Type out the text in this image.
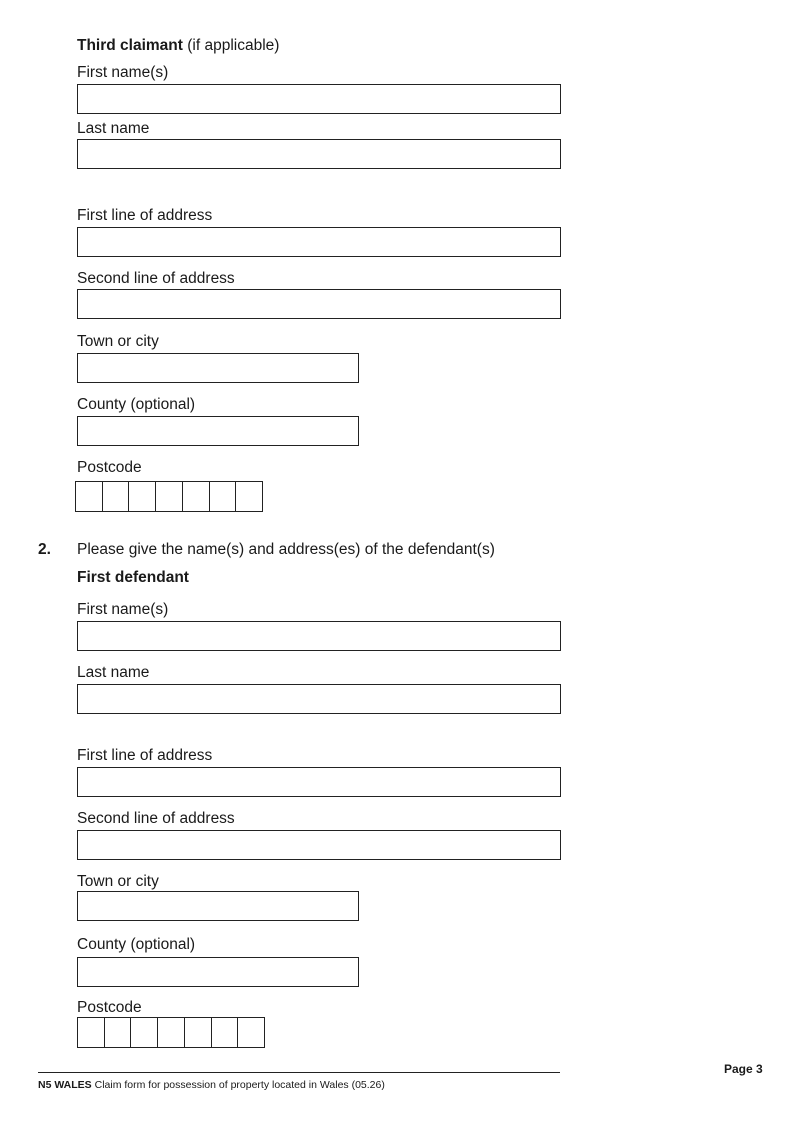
Third claimant (if applicable)
First name(s)
Last name
First line of address
Second line of address
Town or city
County (optional)
Postcode
2. Please give the name(s) and address(es) of the defendant(s)
First defendant
First name(s)
Last name
First line of address
Second line of address
Town or city
County (optional)
Postcode
Page 3
N5 WALES Claim form for possession of property located in Wales (05.26)
